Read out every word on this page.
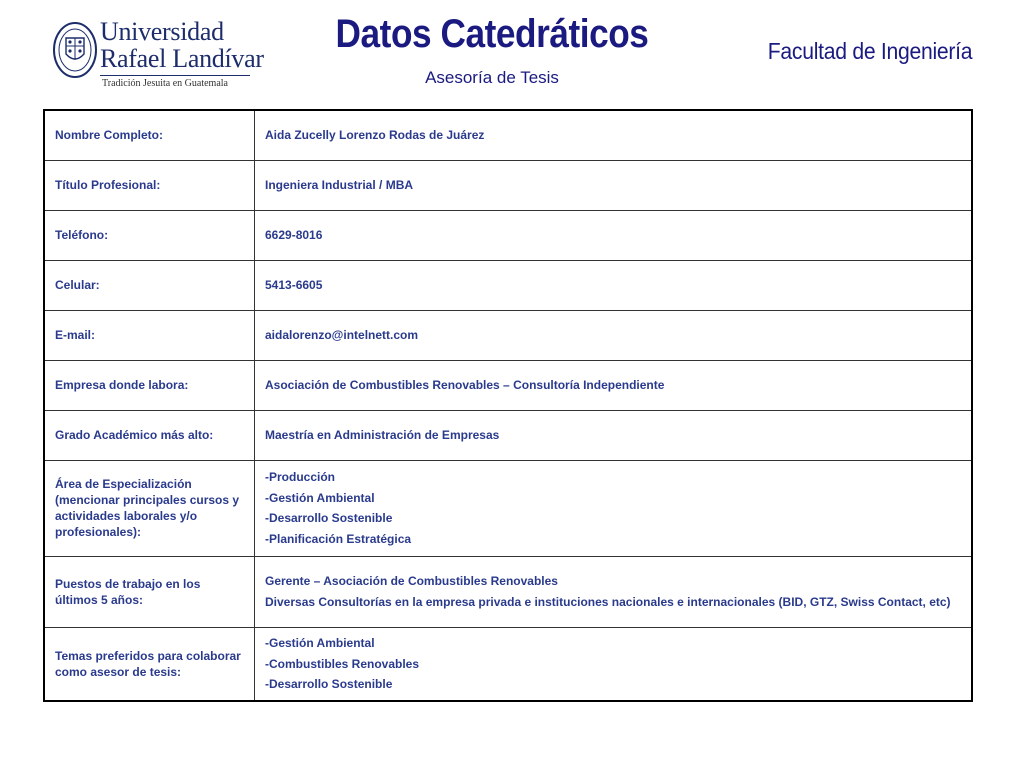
Universidad
Rafael Landívar
Tradición Jesuita en Guatemala
Datos Catedráticos
Asesoría de Tesis
Facultad de Ingeniería
Nombre Completo:	Aida Zucelly Lorenzo Rodas de Juárez
Título Profesional:	Ingeniera Industrial / MBA
Teléfono:	6629-8016
Celular:	5413-6605
E-mail:	aidalorenzo@intelnett.com
Empresa donde labora:	Asociación de Combustibles Renovables – Consultoría Independiente
Grado Académico más alto:	Maestría en Administración de Empresas
Área de Especialización (mencionar principales cursos y actividades laborales y/o profesionales):	-Producción
-Gestión Ambiental
-Desarrollo Sostenible
-Planificación Estratégica

Puestos de trabajo en los últimos 5 años:	Gerente – Asociación de Combustibles Renovables
Diversas Consultorías en la empresa privada e instituciones nacionales e internacionales (BID, GTZ, Swiss Contact, etc)

Temas preferidos para colaborar como asesor de tesis:	-Gestión Ambiental
-Combustibles Renovables
-Desarrollo Sostenible
